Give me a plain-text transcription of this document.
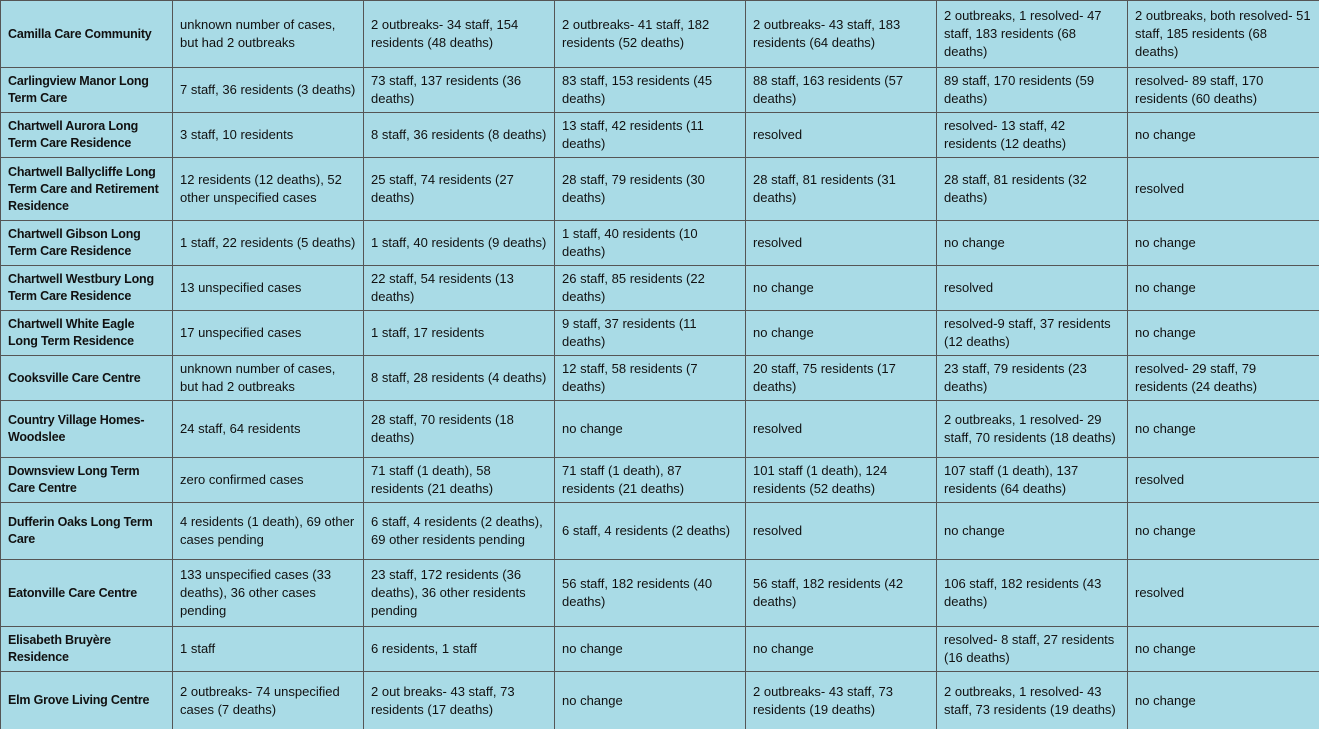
Camilla Care Community	unknown number of cases, but had 2 outbreaks	2 outbreaks- 34 staff, 154 residents (48 deaths)	2 outbreaks- 41 staff, 182 residents (52 deaths)	2 outbreaks- 43 staff, 183 residents (64 deaths)	2 outbreaks, 1 resolved- 47 staff, 183 residents (68 deaths)	2 outbreaks, both resolved- 51 staff, 185 residents (68 deaths)
Carlingview Manor Long Term Care	7 staff, 36 residents (3 deaths)	73 staff, 137 residents (36 deaths)	83 staff, 153 residents (45 deaths)	88 staff, 163 residents (57 deaths)	89 staff, 170 residents (59 deaths)	resolved- 89 staff, 170 residents (60 deaths)
Chartwell Aurora Long Term Care Residence	3 staff, 10 residents	8 staff, 36 residents (8 deaths)	13 staff, 42 residents (11 deaths)	resolved	resolved- 13 staff, 42 residents (12 deaths)	no change
Chartwell Ballycliffe Long Term Care and Retirement Residence	12 residents (12 deaths), 52 other unspecified cases	25 staff, 74 residents (27 deaths)	28 staff, 79 residents (30 deaths)	28 staff, 81 residents (31 deaths)	28 staff, 81 residents (32 deaths)	resolved
Chartwell Gibson Long Term Care Residence	1 staff, 22 residents (5 deaths)	1 staff, 40 residents (9 deaths)	1 staff, 40 residents (10 deaths)	resolved	no change	no change
Chartwell Westbury Long Term Care Residence	13 unspecified cases	22 staff, 54 residents (13 deaths)	26 staff, 85 residents (22 deaths)	no change	resolved	no change
Chartwell White Eagle Long Term Residence	17 unspecified cases	1 staff, 17 residents	9 staff, 37 residents (11 deaths)	no change	resolved-9 staff, 37 residents (12 deaths)	no change
Cooksville Care Centre	unknown number of cases, but had 2 outbreaks	8 staff, 28 residents (4 deaths)	12 staff, 58 residents (7 deaths)	20 staff, 75 residents (17 deaths)	23 staff, 79 residents (23 deaths)	resolved- 29 staff, 79 residents (24 deaths)
Country Village Homes- Woodslee	24 staff, 64 residents	28 staff, 70 residents (18 deaths)	no change	resolved	2 outbreaks, 1 resolved- 29 staff, 70 residents (18 deaths)	no change
Downsview Long Term Care Centre	zero confirmed cases	71 staff (1 death), 58 residents (21 deaths)	71 staff (1 death), 87 residents (21 deaths)	101 staff (1 death), 124 residents (52 deaths)	107 staff (1 death), 137 residents (64 deaths)	resolved
Dufferin Oaks Long Term Care	4 residents (1 death), 69 other cases pending	6 staff, 4 residents (2 deaths), 69 other residents pending	6 staff, 4 residents (2 deaths)	resolved	no change	no change
Eatonville Care Centre	133 unspecified cases (33 deaths), 36 other cases pending	23 staff, 172 residents (36 deaths), 36 other residents pending	56 staff, 182 residents (40 deaths)	56 staff, 182 residents (42 deaths)	106 staff, 182 residents (43 deaths)	resolved
Elisabeth Bruyère Residence	1 staff	6 residents, 1 staff	no change	no change	resolved- 8 staff, 27 residents (16 deaths)	no change
Elm Grove Living Centre	2 outbreaks- 74 unspecified cases (7 deaths)	2 out breaks- 43 staff, 73 residents (17 deaths)	no change	2 outbreaks- 43 staff, 73 residents (19 deaths)	2 outbreaks, 1 resolved- 43 staff, 73 residents (19 deaths)	no change
